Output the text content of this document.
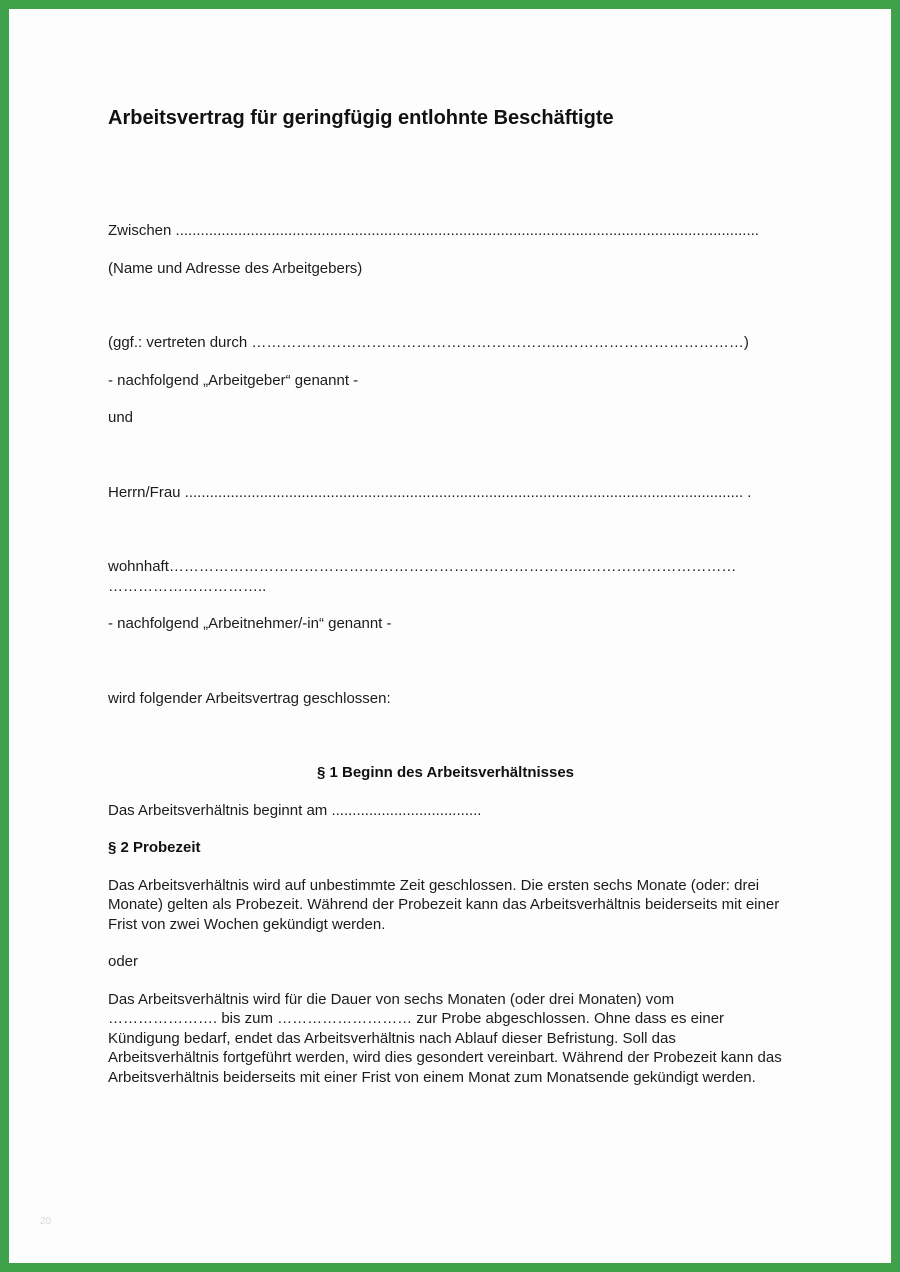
Arbeitsvertrag für geringfügig entlohnte Beschäftigte

Zwischen ............................................................................................................................................

(Name und Adresse des Arbeitgebers)

(ggf.: vertreten durch ……………………………………………………...………………………………)

- nachfolgend „Arbeitgeber“ genannt -

und

Herrn/Frau ...................................................................................................................................... .

wohnhaft………………………………………………………………………...…………………………
…………………………..

- nachfolgend „Arbeitnehmer/-in“ genannt -

wird folgender Arbeitsvertrag geschlossen:

§ 1 Beginn des Arbeitsverhältnisses

Das Arbeitsverhältnis beginnt am ....................................

§ 2 Probezeit

Das Arbeitsverhältnis wird auf unbestimmte Zeit geschlossen. Die ersten sechs Monate (oder: drei Monate) gelten als Probezeit. Während der Probezeit kann das Arbeitsverhältnis beiderseits mit einer Frist von zwei Wochen gekündigt werden.

oder

Das Arbeitsverhältnis wird für die Dauer von sechs Monaten (oder drei Monaten) vom …………………. bis zum ……………………… zur Probe abgeschlossen. Ohne dass es einer Kündigung bedarf, endet das Arbeitsverhältnis nach Ablauf dieser Befristung. Soll das Arbeitsverhältnis fortgeführt werden, wird dies gesondert vereinbart. Während der Probezeit kann das Arbeitsverhältnis beiderseits mit einer Frist von einem Monat zum Monatsende gekündigt werden.

20
